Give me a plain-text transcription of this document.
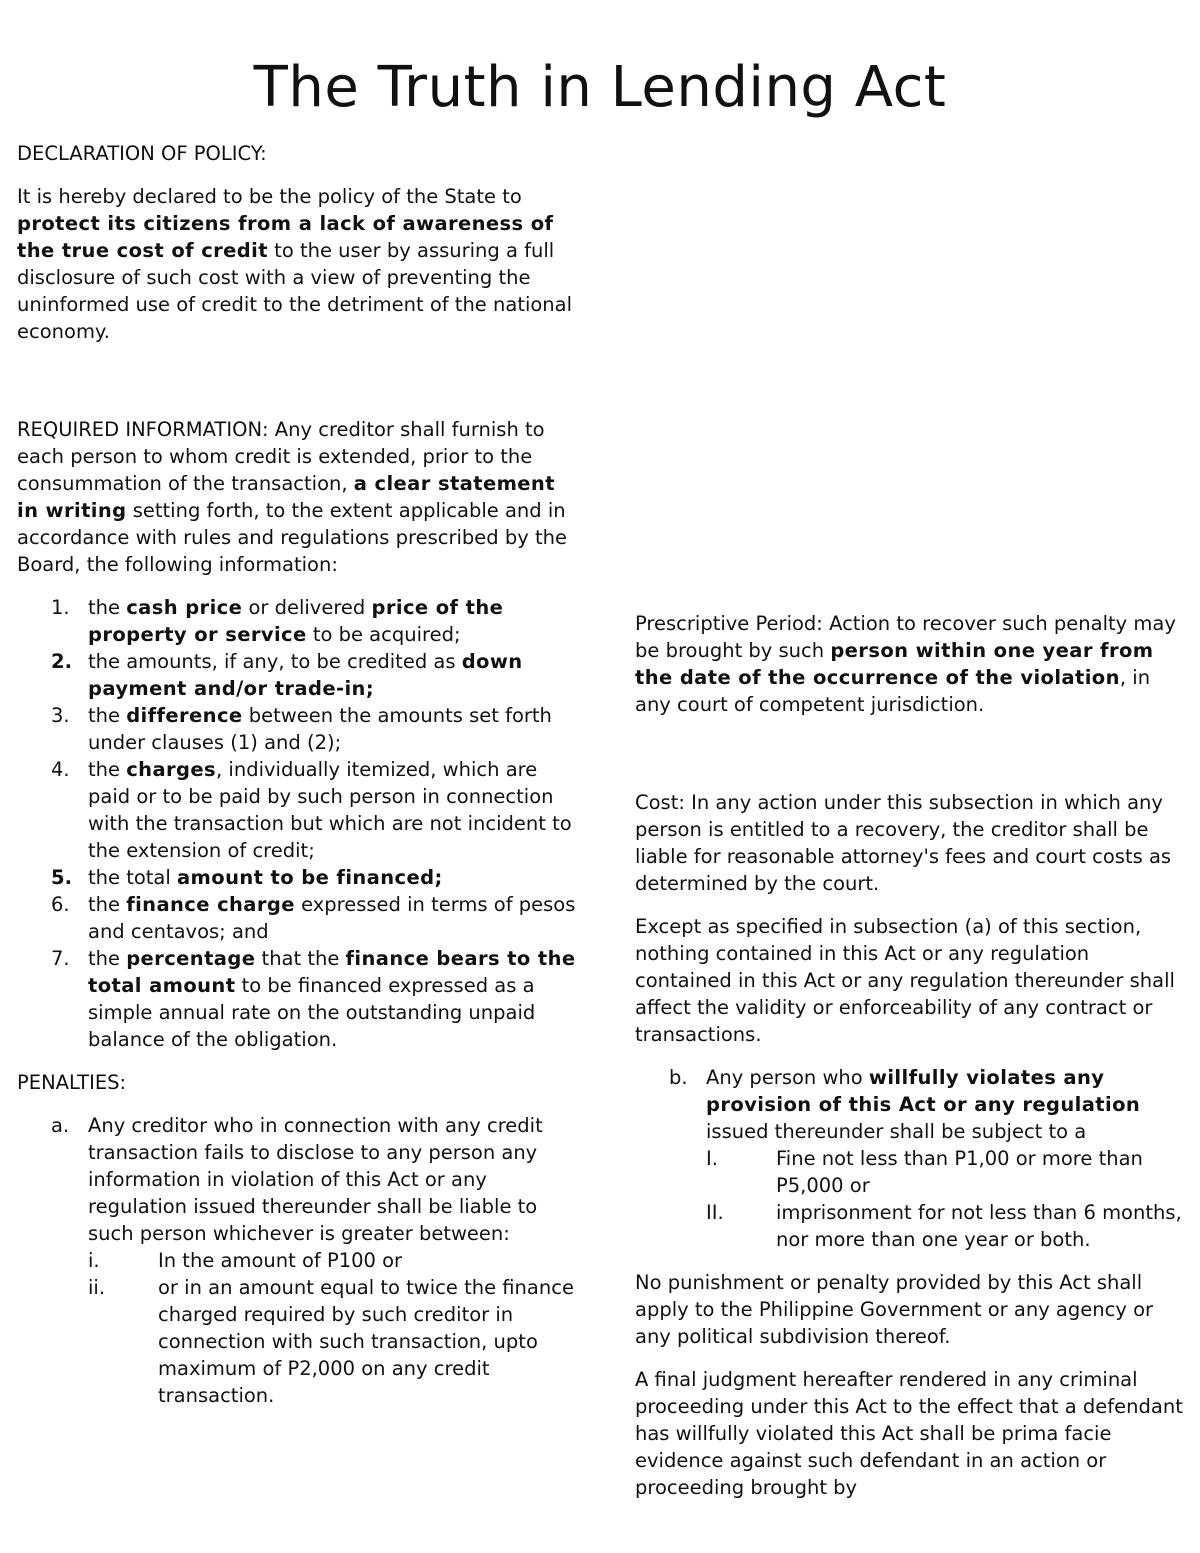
The Truth in Lending Act
DECLARATION OF POLICY:

It is hereby declared to be the policy of the State to protect its citizens from a lack of awareness of the true cost of credit to the user by assuring a full disclosure of such cost with a view of preventing the uninformed use of credit to the detriment of the national economy.

REQUIRED INFORMATION: Any creditor shall furnish to each person to whom credit is extended, prior to the consummation of the transaction, a clear statement in writing setting forth, to the extent applicable and in accordance with rules and regulations prescribed by the Board, the following information:

1. the cash price or delivered price of the property or service to be acquired;
2. the amounts, if any, to be credited as down payment and/or trade-in;
3. the difference between the amounts set forth under clauses (1) and (2);
4. the charges, individually itemized, which are paid or to be paid by such person in connection with the transaction but which are not incident to the extension of credit;
5. the total amount to be financed;
6. the finance charge expressed in terms of pesos and centavos; and
7. the percentage that the finance bears to the total amount to be financed expressed as a simple annual rate on the outstanding unpaid balance of the obligation.
PENALTIES:
a. Any creditor who in connection with any credit transaction fails to disclose to any person any information in violation of this Act or any regulation issued thereunder shall be liable to such person whichever is greater between:
i.	In the amount of P100 or
ii.	or in an amount equal to twice the finance charged required by such creditor in connection with such transaction, upto maximum of P2,000 on any credit transaction.

Prescriptive Period: Action to recover such penalty may be brought by such person within one year from the date of the occurrence of the violation, in any court of competent jurisdiction.

Cost: In any action under this subsection in which any person is entitled to a recovery, the creditor shall be liable for reasonable attorney's fees and court costs as determined by the court.

Except as specified in subsection (a) of this section, nothing contained in this Act or any regulation contained in this Act or any regulation thereunder shall affect the validity or enforceability of any contract or transactions.

b. Any person who willfully violates any provision of this Act or any regulation issued thereunder shall be subject to a
I.	Fine not less than P1,00 or more than P5,000 or
II.	imprisonment for not less than 6 months, nor more than one year or both.

No punishment or penalty provided by this Act shall apply to the Philippine Government or any agency or any political subdivision thereof.

A final judgment hereafter rendered in any criminal proceeding under this Act to the effect that a defendant has willfully violated this Act shall be prima facie evidence against such defendant in an action or proceeding brought by
